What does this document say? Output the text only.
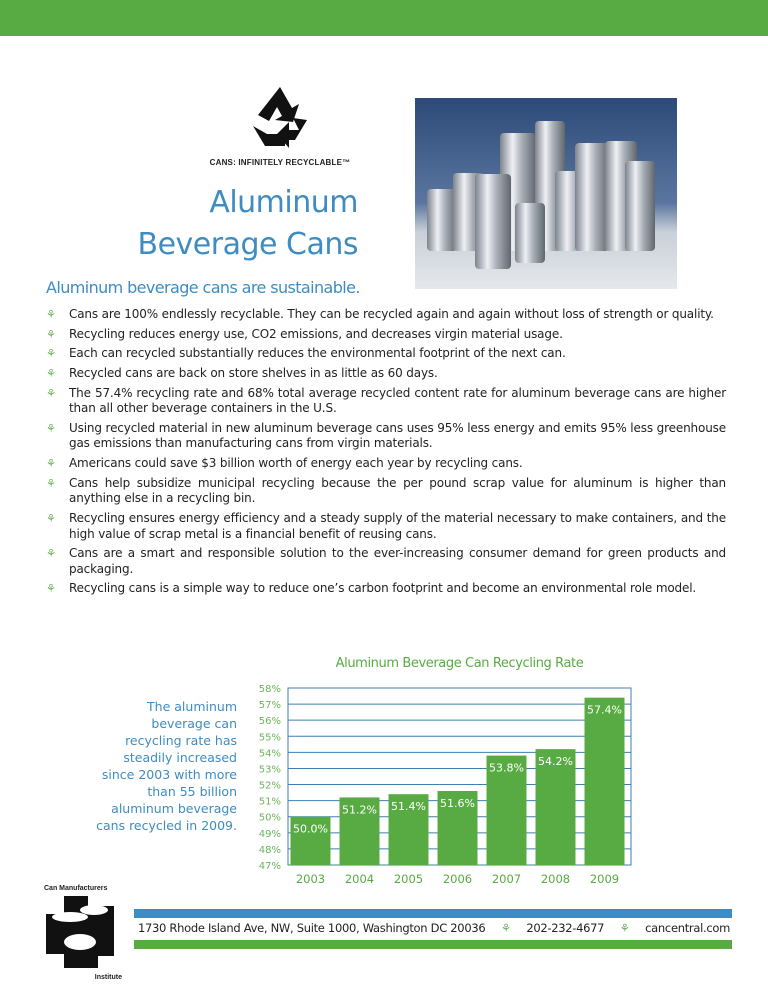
CANS: INFINITELY RECYCLABLE™
Aluminum
Beverage Cans
Aluminum beverage cans are sustainable.
⚘ Cans are 100% endlessly recyclable. They can be recycled again and again without loss of strength or quality.
⚘ Recycling reduces energy use, CO2 emissions, and decreases virgin material usage.
⚘ Each can recycled substantially reduces the environmental footprint of the next can.
⚘ Recycled cans are back on store shelves in as little as 60 days.
⚘ The 57.4% recycling rate and 68% total average recycled content rate for aluminum beverage cans are higher than all other beverage containers in the U.S.
⚘ Using recycled material in new aluminum beverage cans uses 95% less energy and emits 95% less greenhouse gas emissions than manufacturing cans from virgin materials.
⚘ Americans could save $3 billion worth of energy each year by recycling cans.
⚘ Cans help subsidize municipal recycling because the per pound scrap value for aluminum is higher than anything else in a recycling bin.
⚘ Recycling ensures energy efficiency and a steady supply of the material necessary to make containers, and the high value of scrap metal is a financial benefit of reusing cans.
⚘ Cans are a smart and responsible solution to the ever-increasing consumer demand for green products and packaging.
⚘ Recycling cans is a simple way to reduce one’s carbon footprint and become an environmental role model.
Aluminum Beverage Can Recycling Rate
The aluminum beverage can recycling rate has steadily increased since 2003 with more than 55 billion aluminum beverage cans recycled in 2009.
47%
48%
49%
50%
51%
52%
53%
54%
55%
56%
57%
58%
50.0%
2003
51.2%
2004
51.4%
2005
51.6%
2006
53.8%
2007
54.2%
2008
57.4%
2009
Can Manufacturers
Institute
1730 Rhode Island Ave, NW, Suite 1000, Washington DC 20036 ⚘ 202-232-4677 ⚘ cancentral.com
